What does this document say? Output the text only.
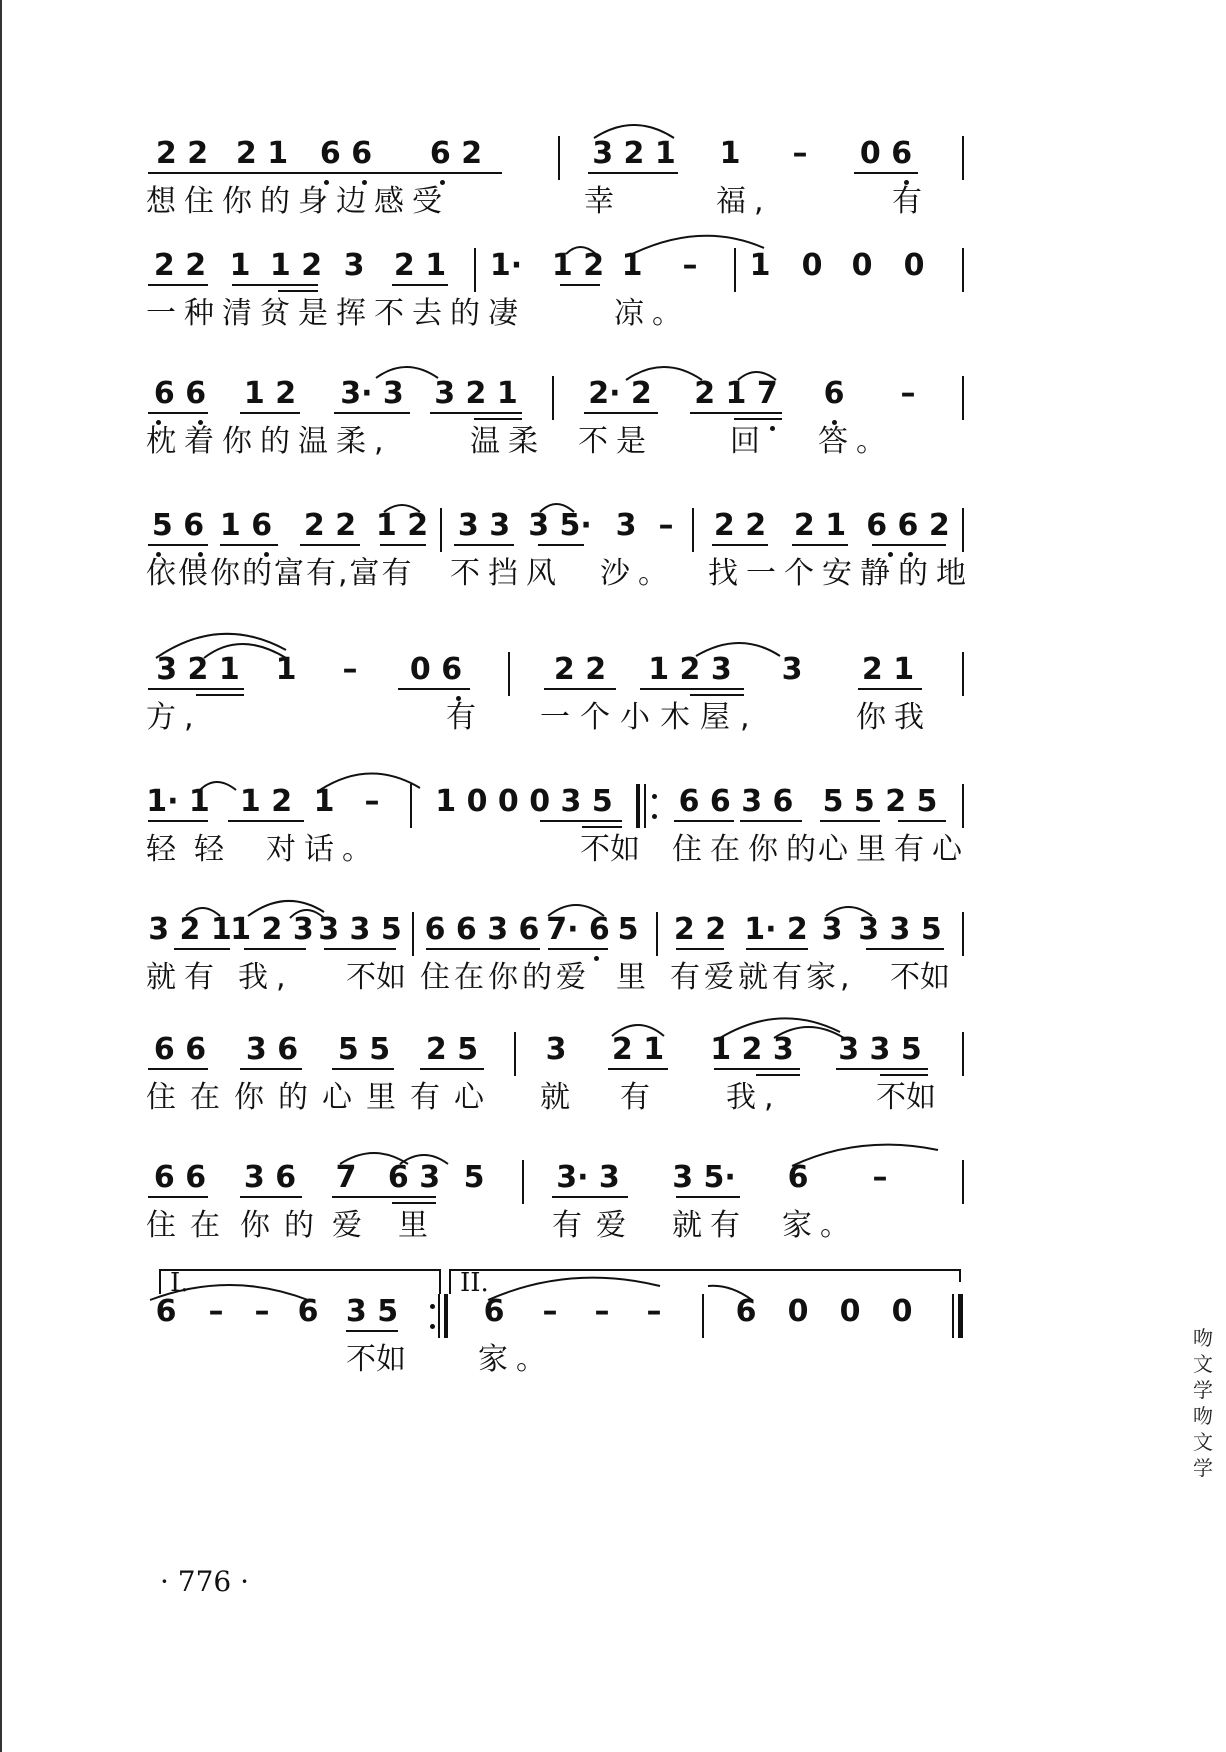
2 2 2 1 6 6 6 2	3 2 1 1 – 0 6
想住你的身边感受	幸	福,	有
2 2 1 1 2 3 2 1 1· 1 2 1 – 1 0 0 0
一种清贫是挥不去的凄	凉。
6 6 1 2 3· 3 3 2 1 2· 2 2 1 7 6 –
枕着你的温柔,	温柔 不是	回 答。
5 6 1 6 2 2 1 2 3 3 3 5· 3 – 2 2 2 1 6 6 2
依偎你的富有,富有 不挡风 沙。 找一个安静的地
3 2 1 1 – 0 6	2 2 1 2 3 3 2 1
方,	有 一个小木屋,	你我
1· 1 1 2 1 – 1 0 0 0 3 5 6 6 3 6 5 5 2 5
轻轻 对话。	不如 住在你的
心里有心
3 2 1
1 2 3 3 3 5 6 6 3 6 7· 6 5 2 2 1· 2 3 3 3 5
就有 我, 不如 住在你的爱 里 有爱就有家, 不如
6 6 3 6 5 5 2 5 3 2 1 1 2 3 3 3 5
住在你的心里有心 就 有 我,	不如
6 6 3 6 7 6 3 5 3· 3 3 5· 6 –
住在 你的 爱 里	有爱 就有 家。
I.	II.
6 – – 6 3 5	6 – – – 6 0 0 0
不如 家。
· 776 ·
吻文学吻文学
